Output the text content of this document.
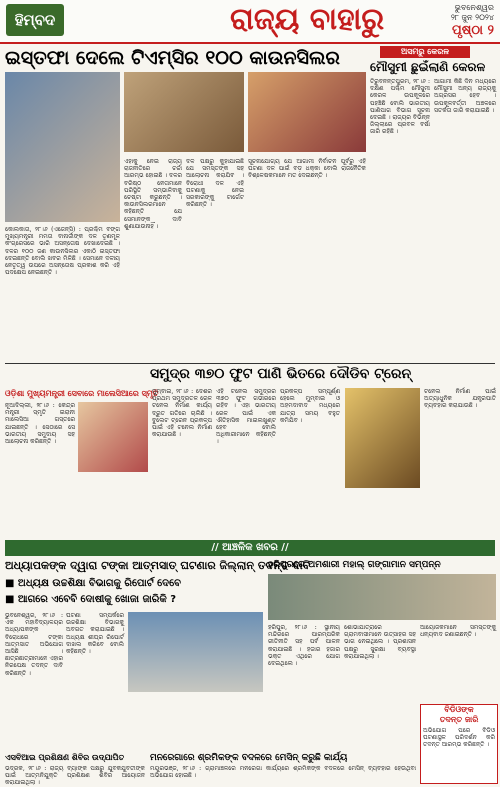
ହିମ୍ବଦ	ରାଜ୍ୟ ବାହାରୁ	ଭୁବନେଶ୍ୱର
୨୮ ଜୁନ ୨୦୨୪
ପୃଷ୍ଠା ୨
ଇସ୍ତଫା ଦେଲେ ଟିଏମ୍‌ସିର ୧୦୦ କାଉନସିଲର
କୋଲକାତା, ୨୮।୬ (ଏଜେନ୍ସି) : ପ୍ରଶ୍ଚିମ ବଙ୍ଗ ମୁଖ୍ୟମନ୍ତ୍ରୀ ମମତା ବାନାର୍ଜୀଙ୍କ ଦଳ ତୃଣମୂଳ କଂଗ୍ରେସରେ ଭାରି ଅସନ୍ତୋଷ ଦେଖାଦେଇଛି । ଦଳର ୧୦୦ ଜଣ କାଉନସିଲର ଏକାଠି ଇସ୍ତଫା ଦେଇଛନ୍ତି ବୋଲି ଖବର ମିଳିଛି । ସେମାନେ ଦଳୀୟ ନେତୃତ୍ୱ ଉପରେ ଅସନ୍ତୋଷ ପ୍ରକାଶ କରି ଏହି ପଦକ୍ଷେପ ନେଇଛନ୍ତି ।
ଏହାକୁ ନେଇ ରାଜ୍ୟ ରାଜନୀତିରେ ଚର୍ଚ୍ଚା ଆରମ୍ଭ ହୋଇଛି । ଦଳର ବରିଷ୍ଠ ନେତାମାନେ ପରିସ୍ଥିତି ସମ୍ଭାଳିବାକୁ ଚେଷ୍ଟା କରୁଛନ୍ତି । କାଉନସିଲରମାନେ କହିଛନ୍ତି ଯେ ସେମାନଙ୍କ ଦାବି ଶୁଣାଯାଉନାହିଁ ।
ଦଳ ପକ୍ଷରୁ କୁହାଯାଇଛି ଯେ ସମସ୍ତଙ୍କ ସହ ଆଲୋଚନା କରାଯିବ । ବିରୋଧୀ ଦଳ ଏହି ଘଟଣାକୁ ନେଇ ସରକାରଙ୍କୁ ଟାର୍ଗେଟ କରିଛନ୍ତି ।
ସୂଚନାଯୋଗ୍ୟ ଯେ ଆଗାମୀ ନିର୍ବାଚନ ପୂର୍ବରୁ ଏହି ଘଟଣା ଦଳ ପାଇଁ ବଡ଼ ଧକ୍କା ବୋଲି ରାଜନୈତିକ ବିଶ୍ଳେଷକମାନେ ମତ ଦେଇଛନ୍ତି ।
ଅସମରୁ କେରଳ
ମୌସୁମୀ ଛୁଇଁଲାଣି କେରଳ
ତିରୁବନନ୍ତପୁରମ, ୨୮।୬ : ଦକ୍ଷିଣ ପଶ୍ଚିମ ମୌସୁମୀ କେରଳ ଉପକୂଳରେ ପହଞ୍ଚିଛି ବୋଲି ଭାରତୀୟ ପାଣିପାଗ ବିଭାଗ ସୂଚନା ଦେଇଛି । ରାଜ୍ୟର ବିଭିନ୍ନ ଜିଲ୍ଲାରେ ପ୍ରବଳ ବର୍ଷା ଜାରି ରହିଛି ।
ଆଗାମୀ କିଛି ଦିନ ମଧ୍ୟରେ ମୌସୁମୀ ଅନ୍ୟ ରାଜ୍ୟକୁ ଅଗ୍ରସର ହେବ । ଉପକୂଳବର୍ତ୍ତୀ ଅଞ୍ଚଳରେ ସତର୍କତା ଜାରି କରାଯାଇଛି ।
ସମୁଦ୍ର ୩୭୦ ଫୁଟ ପାଣି ଭିତରେ ଦୌଡିବ ଟ୍ରେନ୍
ଓଡ଼ିଶା ମୁଖ୍ୟମନ୍ତ୍ରୀ ସେବାରେ ମାଲେସିଆରେ ସ୍ମୃତି
ନୂଆଦିଲ୍ଲୀ, ୨୮।୬ : କେନ୍ଦ୍ର ମନ୍ତ୍ରୀ ସ୍ମୃତି ଇରାନୀ ମାଲେସିଆ ଗସ୍ତରେ ଯାଇଛନ୍ତି । ସେଠାରେ ସେ ଭାରତୀୟ ସମୁଦାୟ ସହ ଆଲୋଚନା କରିଛନ୍ତି ।
ମୁମ୍ବାଇ, ୨୮।୬ : ଦେଶର ପ୍ରଥମ ସମୁଦ୍ରତଳ ରେଳ ଟନେଲ ନିର୍ମାଣ କାର୍ଯ୍ୟ ଦ୍ରୁତ ଗତିରେ ଚାଲିଛି । ବୁଲେଟ ଟ୍ରେନ ପ୍ରକଳ୍ପ ପାଇଁ ଏହି ଟନେଲ ନିର୍ମାଣ କରାଯାଉଛି ।
ଏହି ଟନେଲ ସମୁଦ୍ରର ୩୭୦ ଫୁଟ ଗଭୀରରେ ରହିବ । ଏହା ଭାରତୀୟ ରେଳ ପାଇଁ ଏକ ଐତିହାସିକ ମାଇଲଖୁଣ୍ଟ ହେବ ବୋଲି ଅଧିକାରୀମାନେ କହିଛନ୍ତି ।
ପ୍ରକଳ୍ପ ସମ୍ପୂର୍ଣ୍ଣ ହେଲେ ମୁମ୍ବାଇ ଓ ଅହମଦାବାଦ ମଧ୍ୟରେ ଯାତ୍ରା ସମୟ ବହୁତ କମିଯିବ ।
ଟନେଲ ନିର୍ମାଣ ପାଇଁ ଅତ୍ୟାଧୁନିକ ଯନ୍ତ୍ରପାତି ବ୍ୟବହାର କରାଯାଉଛି ।
// ଆଞ୍ଚଳିକ ଖବର //
ଅଧ୍ୟାପକଙ୍କ ଦ୍ୱାରା ଟଙ୍କା ଆତ୍ମସାତ୍ ଘଟଣାର ଜିଲ୍ଲାନ୍ ତଦନ୍ତ ଦାବି
■ ଅଧ୍ୟକ୍ଷ ଉଚ୍ଚଶିକ୍ଷା ବିଭାଗକୁ ରିପୋର୍ଟ ଦେବେ
■ ଆଗରେ ଏବେବି ଦୋଷୀକୁ ଖୋଜା ଜାରିକି ?
ଭୁବନେଶ୍ୱର, ୨୮।୬ : ଏକ ମହାବିଦ୍ୟାଳୟର ଅଧ୍ୟାପକଙ୍କ ବିରୋଧରେ ଟଙ୍କା ଆତ୍ମସାତ ଅଭିଯୋଗ ଆସିଛି । ଛାତ୍ରଛାତ୍ରୀମାନେ ଏହାର ନିରପେକ୍ଷ ତଦନ୍ତ ଦାବି କରିଛନ୍ତି ।
ଘଟଣା ସମ୍ପର୍କରେ ଉଚ୍ଚଶିକ୍ଷା ବିଭାଗକୁ ଅବଗତ କରାଯାଇଛି । ଅଧ୍ୟକ୍ଷ ଶୀଘ୍ର ରିପୋର୍ଟ ଦାଖଲ କରିବେ ବୋଲି କହିଛନ୍ତି ।
ହରିପୁରରେ ଅମଶାରୀ ମହାଲ୍ ଗଙ୍ଗାମାନ ସମ୍ପନ୍ନ
ହରିପୁର, ୨୮।୬ : ସ୍ଥାନୀୟ ମନ୍ଦିରରେ ପାରମ୍ପରିକ ରୀତିନୀତି ସହ ପର୍ବ ପାଳନ କରାଯାଇଛି । ହଜାର ହଜାର ଭକ୍ତ ଏଥିରେ ଯୋଗ ଦେଇଥିଲେ ।
ଶୋଭାଯାତ୍ରାରେ ଗ୍ରାମବାସୀମାନେ ଉତ୍ସାହର ସହ ଭାଗ ନେଇଥିଲେ । ପ୍ରଶାସନ ପକ୍ଷରୁ ସୁରକ୍ଷା ବ୍ୟବସ୍ଥା କରାଯାଇଥିଲା ।
ଆୟୋଜକମାନେ ସମସ୍ତଙ୍କୁ ଧନ୍ୟବାଦ ଜଣାଇଛନ୍ତି ।
ବିଡିଓଙ୍କ
ତଦନ୍ତ ଜାରି
ଅଭିଯୋଗ ପରେ ବିଡିଓ ଘଟଣାସ୍ଥଳ ପରିଦର୍ଶନ କରି ତଦନ୍ତ ଆରମ୍ଭ କରିଛନ୍ତି ।
ଏସବିଆଇ ପ୍ରଶିକ୍ଷଣ ଶିବିର ଉଦ୍‌ଯାପିତ
ଭଦ୍ରକ, ୨୮।୬ : ରାଜ୍ୟ ବ୍ୟାଙ୍କ ପକ୍ଷରୁ ଯୁବକଯୁବତୀଙ୍କ ପାଇଁ ଆତ୍ମନିଯୁକ୍ତି ପ୍ରଶିକ୍ଷଣ ଶିବିର ଆୟୋଜନ କରାଯାଇଥିଲା ।
ମନରେଗାରେ ଶ୍ରମିକଙ୍କ ବଦଳରେ ମେସିନ୍ କରୁଛି କାର୍ଯ୍ୟ
ମୟୂରଭଞ୍ଜ, ୨୮।୬ : ଗ୍ରାମାଞ୍ଚଳରେ ମନରେଗା କାର୍ଯ୍ୟରେ ଶ୍ରମିକଙ୍କ ବଦଳରେ ମେସିନ୍ ବ୍ୟବହାର ହେଉଥିବା ଅଭିଯୋଗ ହୋଇଛି ।
